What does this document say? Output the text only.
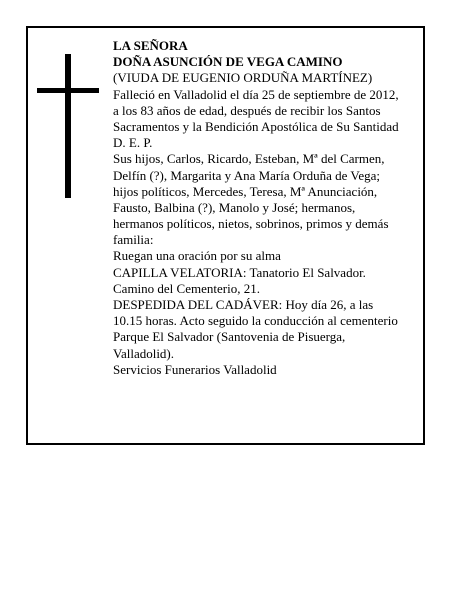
LA SEÑORA
DOÑA ASUNCIÓN DE VEGA CAMINO
(VIUDA DE EUGENIO ORDUÑA MARTÍNEZ)
Falleció en Valladolid el día 25 de septiembre de 2012,
a los 83 años de edad, después de recibir los Santos
Sacramentos y la Bendición Apostólica de Su Santidad
D. E. P.
Sus hijos, Carlos, Ricardo, Esteban, Mª del Carmen,
Delfín (?), Margarita y Ana María Orduña de Vega;
hijos políticos, Mercedes, Teresa, Mª Anunciación,
Fausto, Balbina (?), Manolo y José; hermanos,
hermanos políticos, nietos, sobrinos, primos y demás
familia:
Ruegan una oración por su alma
CAPILLA VELATORIA: Tanatorio El Salvador.
Camino del Cementerio, 21.
DESPEDIDA DEL CADÁVER: Hoy día 26, a las
10.15 horas. Acto seguido la conducción al cementerio
Parque El Salvador (Santovenia de Pisuerga,
Valladolid).
Servicios Funerarios Valladolid
